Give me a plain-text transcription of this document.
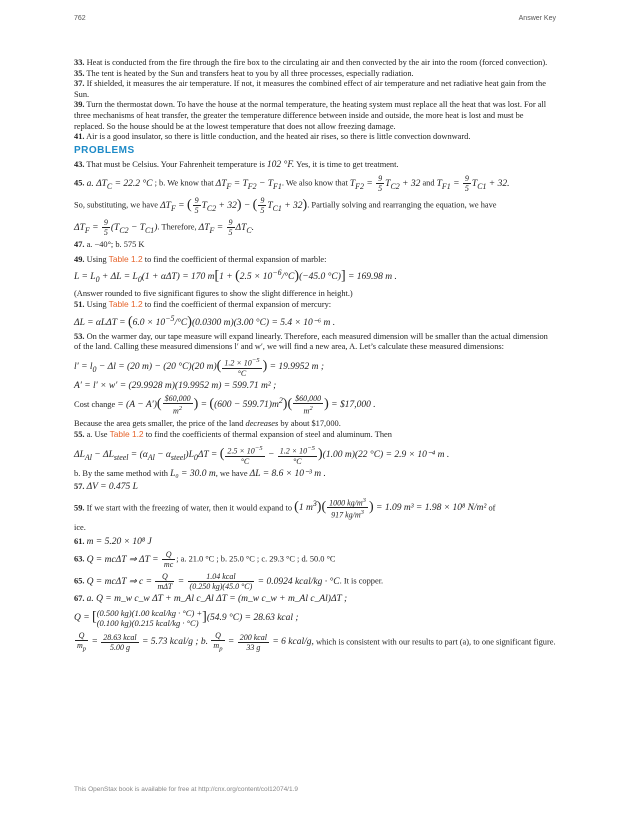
762	Answer Key

33. Heat is conducted from the fire through the fire box to the circulating air and then convected by the air into the room (forced convection).

35. The tent is heated by the Sun and transfers heat to you by all three processes, especially radiation.

37. If shielded, it measures the air temperature. If not, it measures the combined effect of air temperature and net radiative heat gain from the Sun.

39. Turn the thermostat down. To have the house at the normal temperature, the heating system must replace all the heat that was lost. For all three mechanisms of heat transfer, the greater the temperature difference between inside and outside, the more heat is lost and must be replaced. So the house should be at the lowest temperature that does not allow freezing damage.

41. Air is a good insulator, so there is little conduction, and the heated air rises, so there is little convection downward.

PROBLEMS

43. That must be Celsius. Your Fahrenheit temperature is 102 °F. Yes, it is time to get treatment.

45. a. $\Delta T_C = 22.2$ °C ; b. We know that $\Delta T_F = T_{F2} - T_{F1}$. We also know that $T_{F2} = \frac{9}{5} T_{C2} + 32$ and $T_{F1} = \frac{9}{5} T_{C1} + 32$.

So, substituting, we have $\Delta T_F$ = ( $\frac{9}{5} T_{C2} + 32$) − ( $\frac{9}{5} T_{C1} + 32$). Partially solving and rearranging the equation, we have

$\Delta T_F = \frac{9}{5} (T_{C2} - T_{C1})$. Therefore, $\Delta T_F = \frac{9}{5} \Delta T_C$.

47. a. −40°; b. 575 K

49. Using Table 1.2 to find the coefficient of thermal expansion of marble:

$L = L_0 + \Delta L = L_0(1 + \alpha\Delta T) = 170$ $m[1 + (2.5 \times 10^{-6}/^\circ C)(-45.0$ °C)] = 169.98 m .

(Answer rounded to five significant figures to show the slight difference in height.)

51. Using Table 1.2 to find the coefficient of thermal expansion of mercury:

$\Delta L = \alpha L\Delta T = (6.0 \times 10^{-5}/^\circ C)(0.0300$ m)(3.00 °C) = 5.4 × 10⁻⁶ m .

53. On the warmer day, our tape measure will expand linearly. Therefore, each measured dimension will be smaller than the actual dimension of the land. Calling these measured dimensions l′ and w′, we will find a new area, A. Let’s calculate these measured dimensions:

$l' = l_0 - \Delta l = (20$ m) − (20 °C)(20 $m)( \frac{1.2 \times 10^{-5}}{^\circ C}$ ) = 19.9952 m ;

A′ = l′ × w′ = (29.9928 m)(19.9952 m) = 599.71 m² ;

Cost change = $(A - A')( \frac{\$60,000}{m^2}$ ) = $((600 - 599.71)m^2)( \frac{\$60,000}{m^2}$ ) = $17,000 .

Because the area gets smaller, the price of the land decreases by about $17,000.

55. a. Use Table 1.2 to find the coefficients of thermal expansion of steel and aluminum. Then

$\Delta L_{Al} - \Delta L_{steel} = (\alpha_{Al} - \alpha_{steel})L_0\Delta T$ = ( $\frac{2.5 \times 10^{-5}}{^\circ C} - \frac{1.2 \times 10^{-5}}{^\circ C} )(1.00$ m)(22 °C) = 2.9 × 10⁻⁴ m .

b. By the same method with L₀ = 30.0 m, we have ΔL = 8.6 × 10⁻³ m .

57. ΔV = 0.475 L

59. If we start with the freezing of water, then it would expand to (1 $m^3)( \frac{1000 kg/m^3}{917 kg/m^3}$ ) = 1.09 m³ = 1.98 × 10⁸ N/m² of

ice.

61. m = 5.20 × 10⁸ J

63. Q = mcΔT ⇒ $\Delta T = \frac{Q}{mc}$ ; a. 21.0 °C ; b. 25.0 °C ; c. 29.3 °C ; d. 50.0 °C

65. Q = mcΔT ⇒ $c = \frac{Q}{\text{mΔT}} = \frac{\text{1.04 kcal}}{(0.250 kg)(45.0 ^\circ C)} = 0.0924$ kcal/kg · °C. It is copper.

67. a. Q = m_w c_w ΔT + m_Al c_Al ΔT = (m_w c_w + m_Al c_Al)ΔT ;

Q = [ (0.500 kg)(1.00 kcal/kg · °C) +
(0.100 kg)(0.215 kcal/kg · °C) ](54.9 °C) = 28.63 kcal ;

$\frac{Q}{m_p} = \frac{\text{28.63 kcal}}{5.00 g} = 5.73$ kcal/g ; b. $\frac{Q}{m_p} = \frac{\text{200 kcal}}{33 g} = 6$ kcal/g, which is consistent with our results to part (a), to one significant figure.

This OpenStax book is available for free at http://cnx.org/content/col12074/1.9
